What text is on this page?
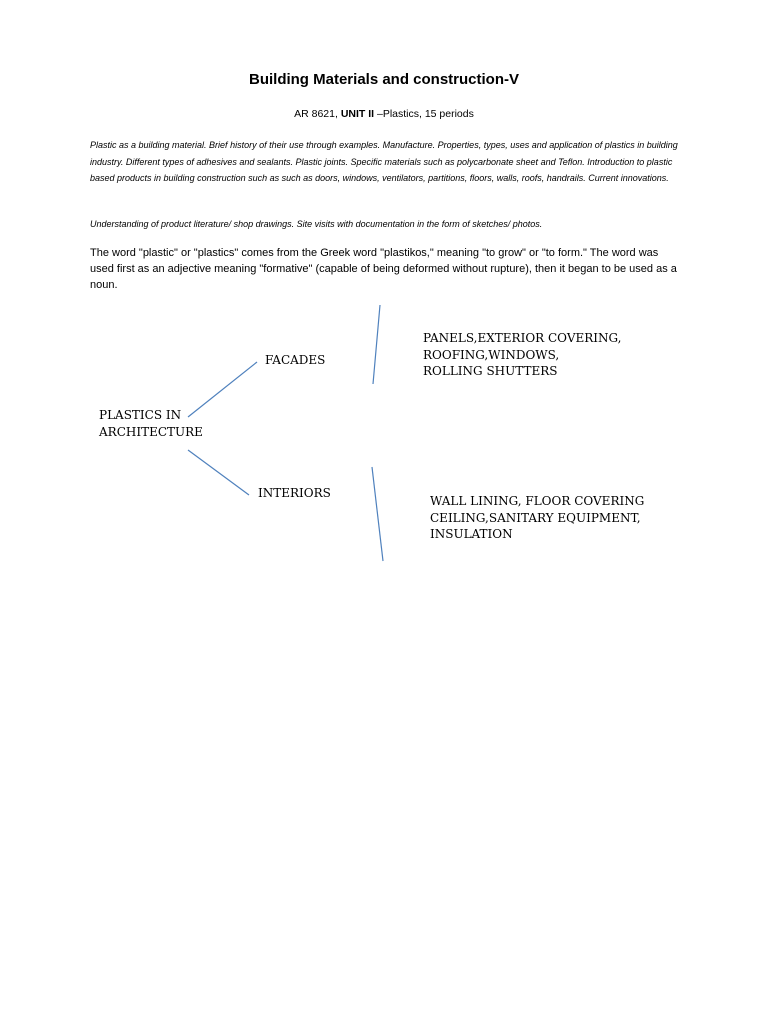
Building Materials and construction-V
AR 8621, UNIT II –Plastics, 15 periods
Plastic as a building material. Brief history of their use through examples. Manufacture. Properties, types, uses and application of plastics in building industry. Different types of adhesives and sealants. Plastic joints. Specific materials such as polycarbonate sheet and Teflon. Introduction to plastic based products in building construction such as such as doors, windows, ventilators, partitions, floors, walls, roofs, handrails. Current innovations.
Understanding of product literature/ shop drawings. Site visits with documentation in the form of sketches/ photos.
The word "plastic" or "plastics" comes from the Greek word "plastikos," meaning "to grow" or "to form." The word was used first as an adjective meaning "formative" (capable of being deformed without rupture), then it began to be used as a noun.
PLASTICS IN
ARCHITECTURE
FACADES
INTERIORS
PANELS,EXTERIOR COVERING,
ROOFING,WINDOWS,
ROLLING SHUTTERS
WALL LINING, FLOOR COVERING
CEILING,SANITARY EQUIPMENT,
INSULATION
